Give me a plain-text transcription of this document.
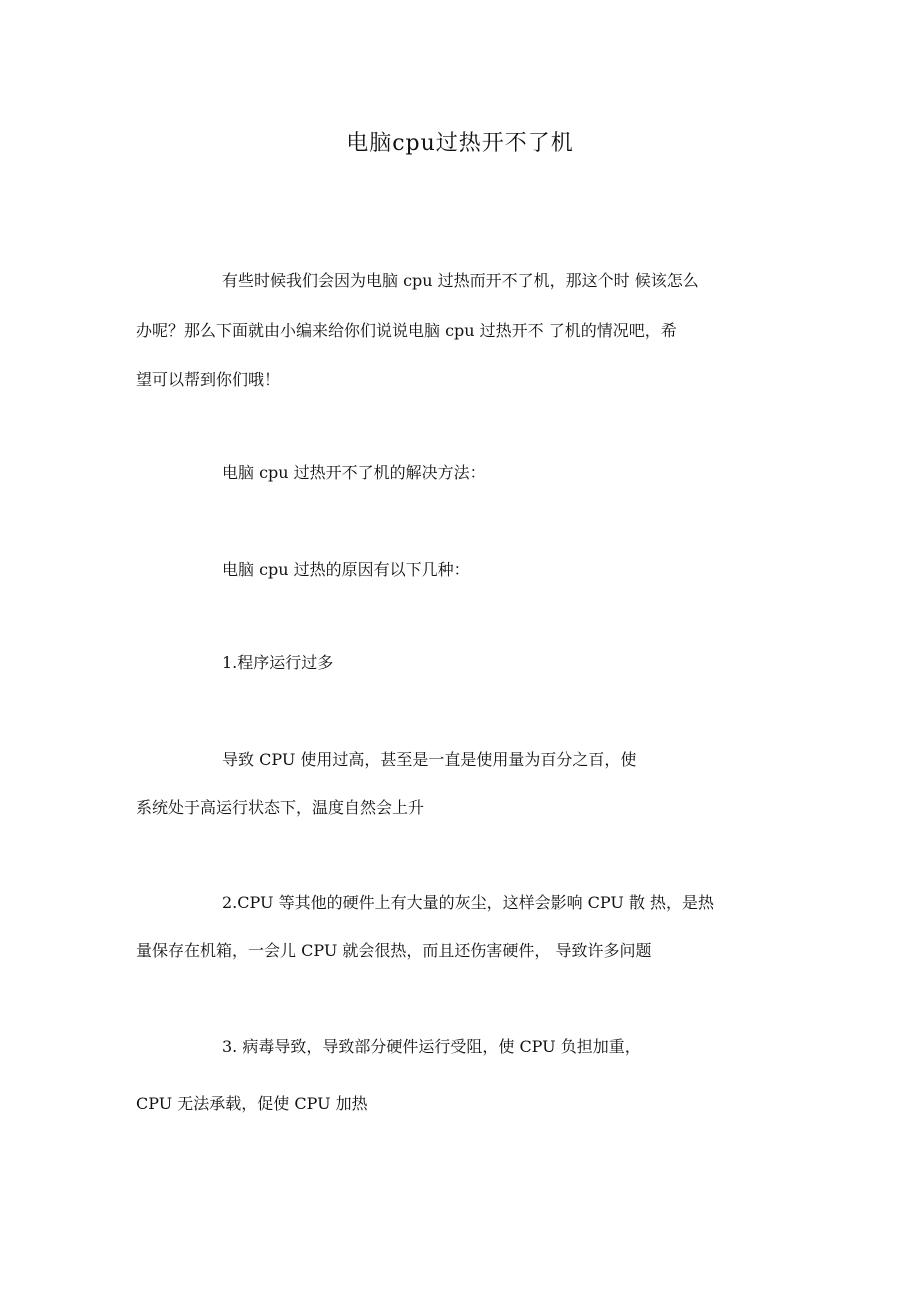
电脑cpu过热开不了机

有些时候我们会因为电脑 cpu 过热而开不了机，那这个时 候该怎么

办呢？那么下面就由小编来给你们说说电脑 cpu 过热开不 了机的情况吧，希

望可以帮到你们哦！

电脑 cpu 过热开不了机的解决方法：

电脑 cpu 过热的原因有以下几种：

1.程序运行过多

导致 CPU 使用过高，甚至是一直是使用量为百分之百，使

系统处于高运行状态下，温度自然会上升

2.CPU 等其他的硬件上有大量的灰尘，这样会影响 CPU 散 热，是热

量保存在机箱，一会儿 CPU 就会很热，而且还伤害硬件， 导致许多问题

3. 病毒导致，导致部分硬件运行受阻，使 CPU 负担加重，

CPU 无法承载，促使 CPU 加热
